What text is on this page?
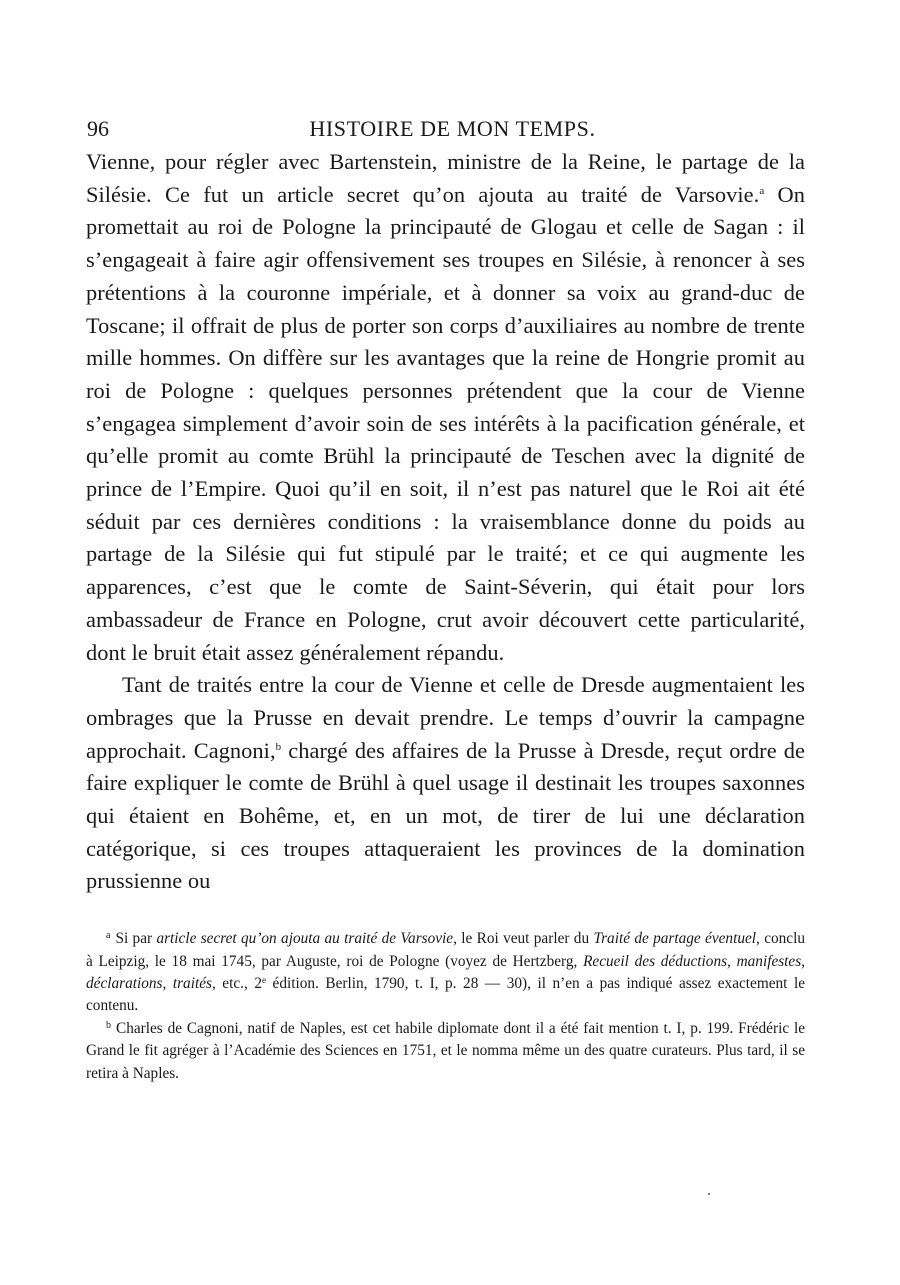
96	HISTOIRE DE MON TEMPS.

Vienne, pour régler avec Bartenstein, ministre de la Reine, le partage de la Silésie. Ce fut un article secret qu’on ajouta au traité de Varsovie.$^a$ On promettait au roi de Pologne la principauté de Glogau et celle de Sagan : il s’engageait à faire agir offensivement ses troupes en Silésie, à renoncer à ses prétentions à la couronne impériale, et à donner sa voix au grand-duc de Toscane; il offrait de plus de porter son corps d’auxiliaires au nombre de trente mille hommes. On diffère sur les avantages que la reine de Hongrie promit au roi de Pologne : quelques personnes prétendent que la cour de Vienne s’engagea simplement d’avoir soin de ses intérêts à la pacification générale, et qu’elle promit au comte Brühl la principauté de Teschen avec la dignité de prince de l’Empire. Quoi qu’il en soit, il n’est pas naturel que le Roi ait été séduit par ces dernières conditions : la vraisemblance donne du poids au partage de la Silésie qui fut stipulé par le traité; et ce qui augmente les apparences, c’est que le comte de Saint-Séverin, qui était pour lors ambassadeur de France en Pologne, crut avoir découvert cette particularité, dont le bruit était assez généralement répandu.

Tant de traités entre la cour de Vienne et celle de Dresde augmentaient les ombrages que la Prusse en devait prendre. Le temps d’ouvrir la campagne approchait. Cagnoni,$^b$ chargé des affaires de la Prusse à Dresde, reçut ordre de faire expliquer le comte de Brühl à quel usage il destinait les troupes saxonnes qui étaient en Bohême, et, en un mot, de tirer de lui une déclaration catégorique, si ces troupes attaqueraient les provinces de la domination prussienne ou

$^a$ Si par article secret qu’on ajouta au traité de Varsovie, le Roi veut parler du Traité de partage éventuel, conclu à Leipzig, le 18 mai 1745, par Auguste, roi de Pologne (voyez de Hertzberg, Recueil des déductions, manifestes, déclarations, traités, etc., 2e édition. Berlin, 1790, t. I, p. 28 — 30), il n’en a pas indiqué assez exactement le contenu.

$^b$ Charles de Cagnoni, natif de Naples, est cet habile diplomate dont il a été fait mention t. I, p. 199. Frédéric le Grand le fit agréger à l’Académie des Sciences en 1751, et le nomma même un des quatre curateurs. Plus tard, il se retira à Naples.
